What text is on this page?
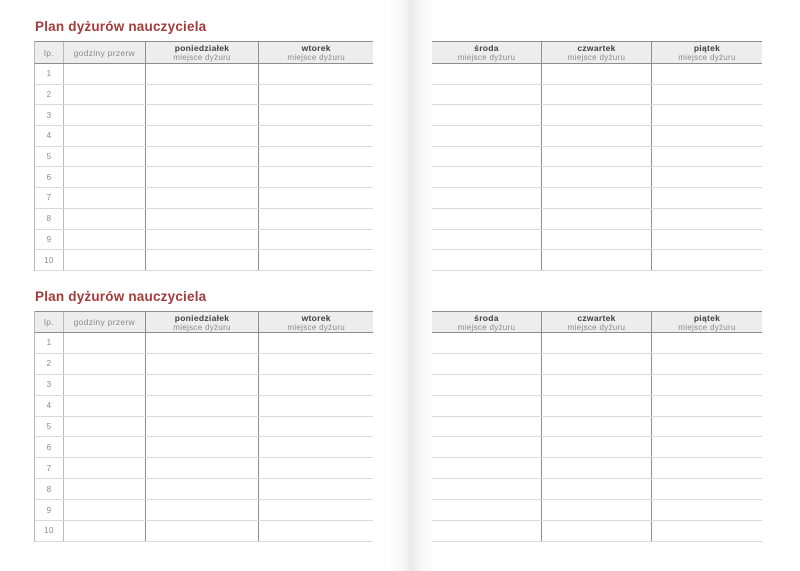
Plan dyżurów nauczyciela
lp. godziny przerw	poniedziałek
miejsce dyżuru
wtorek
miejsce dyżuru
1
2
3
4
5
6
7
8
9
10
środa
miejsce dyżuru
czwartek
miejsce dyżuru
piątek
miejsce dyżuru
Plan dyżurów nauczyciela
lp. godziny przerw	poniedziałek
miejsce dyżuru
wtorek
miejsce dyżuru
1
2
3
4
5
6
7
8
9
10
środa
miejsce dyżuru
czwartek
miejsce dyżuru
piątek
miejsce dyżuru
